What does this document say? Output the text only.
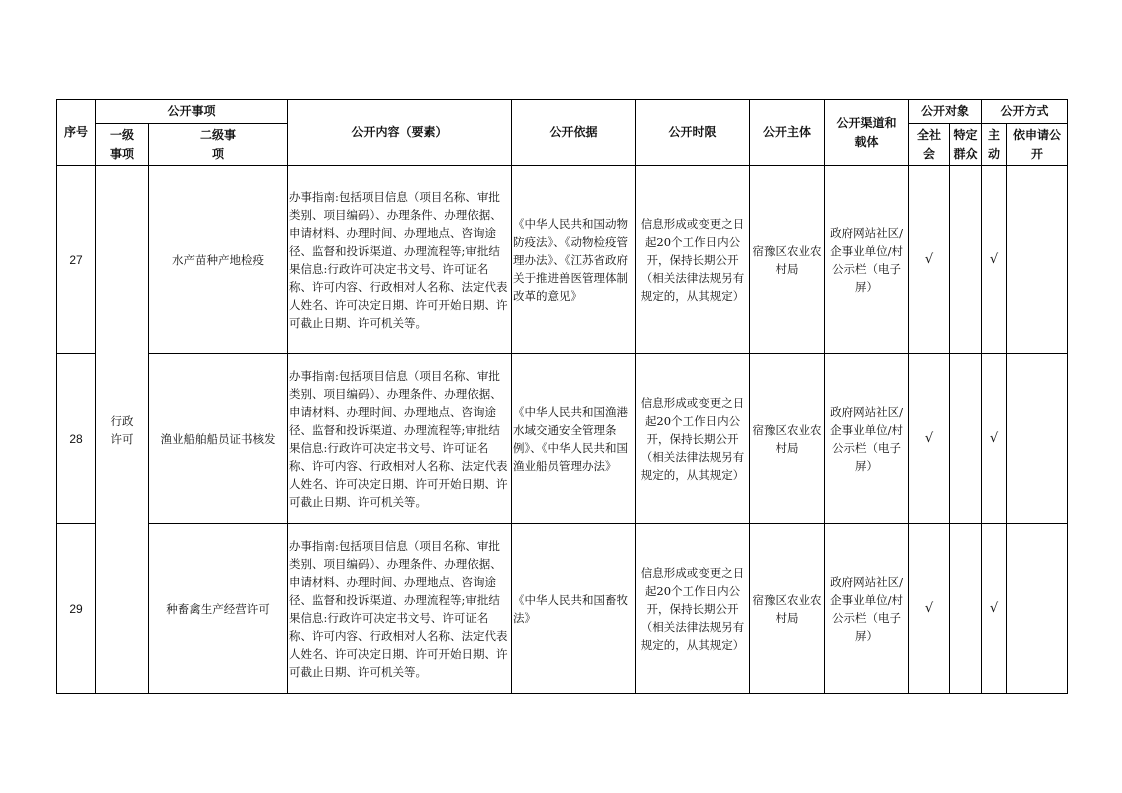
序号	公开事项		公开内容（要素）	公开依据	公开时限	公开主体	公开渠道和载体	公开对象		公开方式	
	一级事项	二级事项						全社会	特定群众	主动	依申请公开
27	行政许可	水产苗种产地检疫	办事指南:包括项目信息（项目名称、审批类别、项目编码）、办理条件、办理依据、申请材料、办理时间、办理地点、咨询途径、监督和投诉渠道、办理流程等;审批结果信息:行政许可决定书文号、许可证名称、许可内容、行政相对人名称、法定代表人姓名、许可决定日期、许可开始日期、许可截止日期、许可机关等。	《中华人民共和国动物防疫法》、《动物检疫管理办法》、《江苏省政府关于推进兽医管理体制改革的意见》	信息形成或变更之日起20个工作日内公开，保持长期公开（相关法律法规另有规定的，从其规定）	宿豫区农业农村局	政府网站社区/企事业单位/村公示栏（电子屏）	√		√	
28		渔业船舶船员证书核发	办事指南:包括项目信息（项目名称、审批类别、项目编码）、办理条件、办理依据、申请材料、办理时间、办理地点、咨询途径、监督和投诉渠道、办理流程等;审批结果信息:行政许可决定书文号、许可证名称、许可内容、行政相对人名称、法定代表人姓名、许可决定日期、许可开始日期、许可截止日期、许可机关等。	《中华人民共和国渔港水域交通安全管理条例》、《中华人民共和国渔业船员管理办法》	信息形成或变更之日起20个工作日内公开，保持长期公开（相关法律法规另有规定的，从其规定）	宿豫区农业农村局	政府网站社区/企事业单位/村公示栏（电子屏）	√		√	
29		种畜禽生产经营许可	办事指南:包括项目信息（项目名称、审批类别、项目编码）、办理条件、办理依据、申请材料、办理时间、办理地点、咨询途径、监督和投诉渠道、办理流程等;审批结果信息:行政许可决定书文号、许可证名称、许可内容、行政相对人名称、法定代表人姓名、许可决定日期、许可开始日期、许可截止日期、许可机关等。	《中华人民共和国畜牧法》	信息形成或变更之日起20个工作日内公开，保持长期公开（相关法律法规另有规定的，从其规定）	宿豫区农业农村局	政府网站社区/企事业单位/村公示栏（电子屏）	√		√	
